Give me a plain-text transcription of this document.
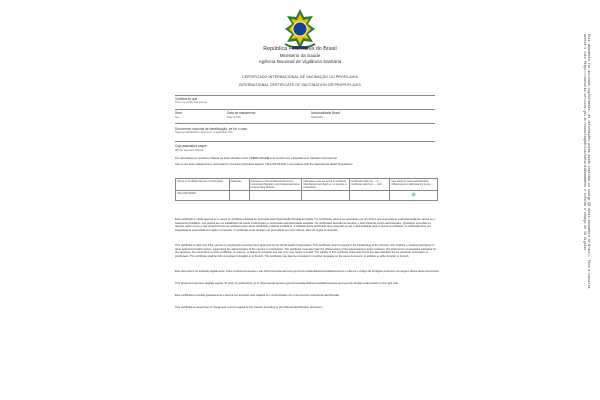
República Federativa do Brasil
Ministério da Saúde
Agência Nacional de Vigilância Sanitária
CERTIFICADO INTERNACIONAL DE VACINAÇÃO OU PROFILAXIA
INTERNATIONAL CERTIFICATE OF VACCINATION OR PROPHYLAXIS
Certifica-se que
This is to certify that (name)
Sexo
Sex
Data de nascimento
Date of birth
Nacionalidade Brasil
Nationality
Documento nacional de identificação, se for o caso
National identification document, if applicable CPF:
Cuja assinatura segue:
Whose signature follows:
Foi vacinado(a) ou recebeu profilaxia na data indicada contra: FEBRE AMARELA de acordo com o Regulamento Sanitário Internacional.
Has on the date indicated been vaccinated or received prophylaxis against: YELLOW FEVER in accordance with the International Health Regulations.
Vacina ou Profilaxia Vaccine or Prophylaxis	Data Date	Assinatura e título profissional do clínico responsável Signature and professional status of supervising clinician	Fabricante e lote da vacina ou profilaxia Manufacturer and batch no. of vaccine or prophylaxis	Certificado válido de: ... a: ... Certificate valid from: ... until: ...	Selo oficial do centro administrador Official stamp of administering centre
YELLOW FEVER					✳
Este certificado é válido apenas se a vacina ou profilaxia utilizada for aprovada pela Organização Mundial da Saúde. Os certificados devem ser assinados por um clínico que supervisione a administração da vacina ou o tratamento profilático, que poderá ser um trabalhador de saúde credenciado ou autorizado pela autoridade sanitária. Os certificados deverão ter também o selo oficial do centro administrador. Quaisquer emendas ou rasuras, assim como o não preenchimento de qualquer parte deste certificado, poderão invalidá-lo. A validade deste certificado deve estender-se até a data indicada para a vacina ou profilaxia. O certificado deve ser integralmente preenchido em Inglês ou Francês. O certificado pode também ser preenchido em outro idioma, além do Inglês ou Francês.
This certificate is valid only if the vaccine or prophylaxis used has been approved by the World Health Organization. This certificate must be signed in the handwriting of the clinician, who shall be a medical practitioner or other authorized health worker, supervising the administration of the vaccine or prophylaxis. The certificate must also bear the official stamp of the administering centre; however, this shall not be an accepted substitute for the signature. Any amendment of this certificate, or erasure, or failure to complete any part of it, may render it invalid. The validity of this certificate shall extend until the date indicated for the particular vaccination or prophylaxis. The certificate shall be fully completed in English or in French. The certificate may also be completed in another language on the same document, in addition to either English or French.
Este documento foi assinado digitalmente. Para conferência acesse o site https://consulta-servicos.gov.br/consultapublica/consultaDocumento e informe o código de 19 dígitos impresso na margem direita deste documento.
This document has been digitally signed. To verify its authenticity, go to https://portal-servicos.gov.br/consultapublica/consultaDocumento and type the 19-digit code printed on the right side.
Este certificado é emitido gratuitamente e deverá ser assinado pelo viajante em conformidade com o documento nacional de identificação.
This certificate is issued free of charge and must be signed by the traveler according to the National Identification document.
Este documento foi assinado digitalmente. As informações acima estão contidas no código QR deste documento do Brasil. Para a consulta
acesse o site https://consulta-servicos.gov.br/consultapublica/consultaDocumento e informe o código de 19 dígitos
